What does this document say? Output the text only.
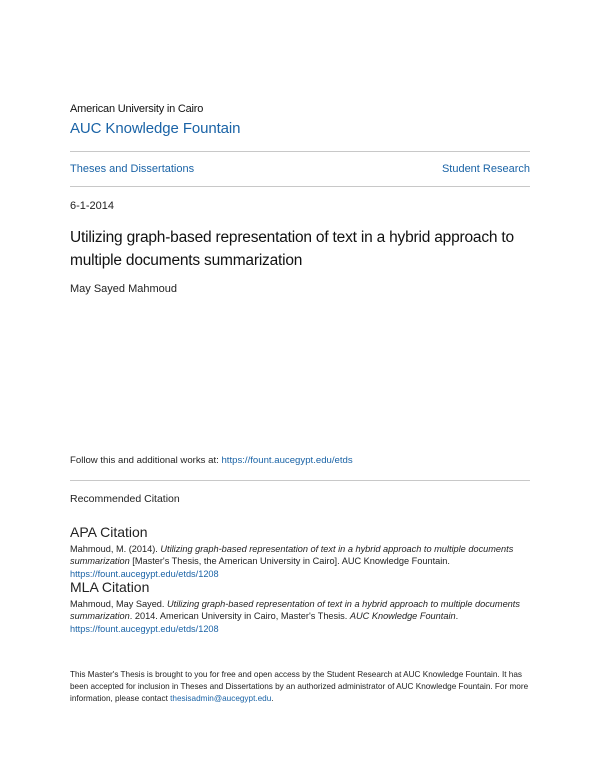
American University in Cairo
AUC Knowledge Fountain
Theses and Dissertations	Student Research
6-1-2014
Utilizing graph-based representation of text in a hybrid approach to multiple documents summarization
May Sayed Mahmoud
Follow this and additional works at: https://fount.aucegypt.edu/etds
Recommended Citation
APA Citation
Mahmoud, M. (2014). Utilizing graph-based representation of text in a hybrid approach to multiple documents summarization [Master's Thesis, the American University in Cairo]. AUC Knowledge Fountain.
https://fount.aucegypt.edu/etds/1208
MLA Citation
Mahmoud, May Sayed. Utilizing graph-based representation of text in a hybrid approach to multiple documents summarization. 2014. American University in Cairo, Master's Thesis. AUC Knowledge Fountain.
https://fount.aucegypt.edu/etds/1208
This Master's Thesis is brought to you for free and open access by the Student Research at AUC Knowledge Fountain. It has been accepted for inclusion in Theses and Dissertations by an authorized administrator of AUC Knowledge Fountain. For more information, please contact thesisadmin@aucegypt.edu.
